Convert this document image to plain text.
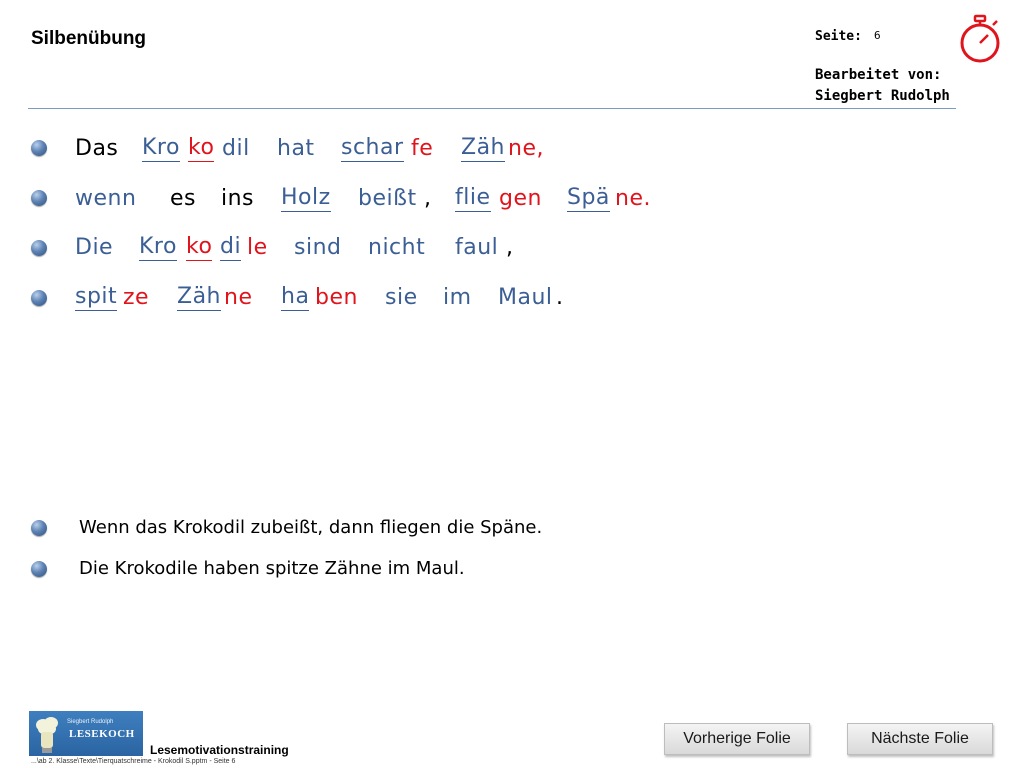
Silbenübung	Seite: 6
Bearbeitet von:
Siegbert Rudolph
Das Kro ko dil hat schar fe Zäh ne,
wenn es ins Holz beißt , flie gen Spä ne.
Die Kro ko di le sind nicht faul ,
spit ze Zäh ne ha ben sie im Maul .
Wenn das Krokodil zubeißt, dann fliegen die Späne.
Die Krokodile haben spitze Zähne im Maul.
Siegbert Rudolph
LESEKOCH
Lesemotivationstraining
...\ab 2. Klasse\Texte\Tierquatschreime - Krokodil S.pptm - Seite 6
Vorherige Folie	Nächste Folie
